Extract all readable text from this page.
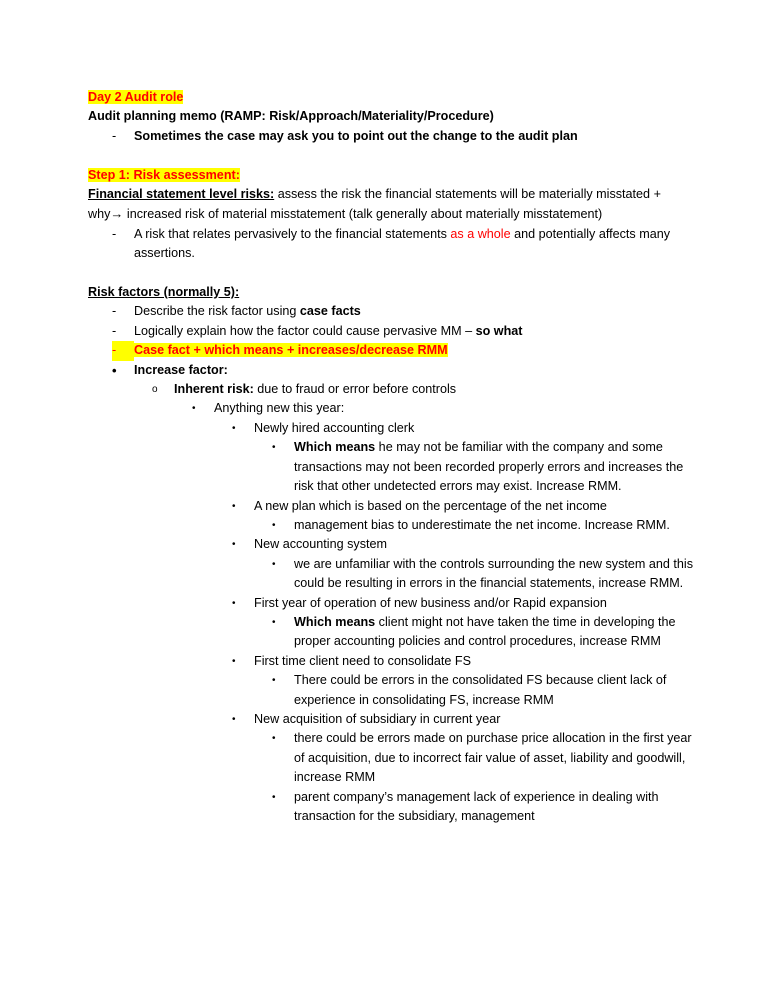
Day 2 Audit role

Audit planning memo (RAMP: Risk/Approach/Materiality/Procedure)

-	Sometimes the case may ask you to point out the change to the audit plan

Step 1: Risk assessment:

Financial statement level risks: assess the risk the financial statements will be materially misstated + why→ increased risk of material misstatement (talk generally about materially misstatement)

-	A risk that relates pervasively to the financial statements as a whole and potentially affects many assertions.

Risk factors (normally 5):

-	Describe the risk factor using case facts
-	Logically explain how the factor could cause pervasive MM – so what
-	Case fact + which means + increases/decrease RMM
•	Increase factor:
o	Inherent risk: due to fraud or error before controls
•	Anything new this year:
•	Newly hired accounting clerk
•	Which means he may not be familiar with the company and some transactions may not been recorded properly errors and increases the risk that other undetected errors may exist. Increase RMM.
•	A new plan which is based on the percentage of the net income
•	management bias to underestimate the net income. Increase RMM.
•	New accounting system
•	we are unfamiliar with the controls surrounding the new system and this could be resulting in errors in the financial statements, increase RMM.
•	First year of operation of new business and/or Rapid expansion
•	Which means client might not have taken the time in developing the proper accounting policies and control procedures, increase RMM
•	First time client need to consolidate FS
•	There could be errors in the consolidated FS because client lack of experience in consolidating FS, increase RMM
•	New acquisition of subsidiary in current year
•	there could be errors made on purchase price allocation in the first year of acquisition, due to incorrect fair value of asset, liability and goodwill, increase RMM
•	parent company’s management lack of experience in dealing with transaction for the subsidiary, management
